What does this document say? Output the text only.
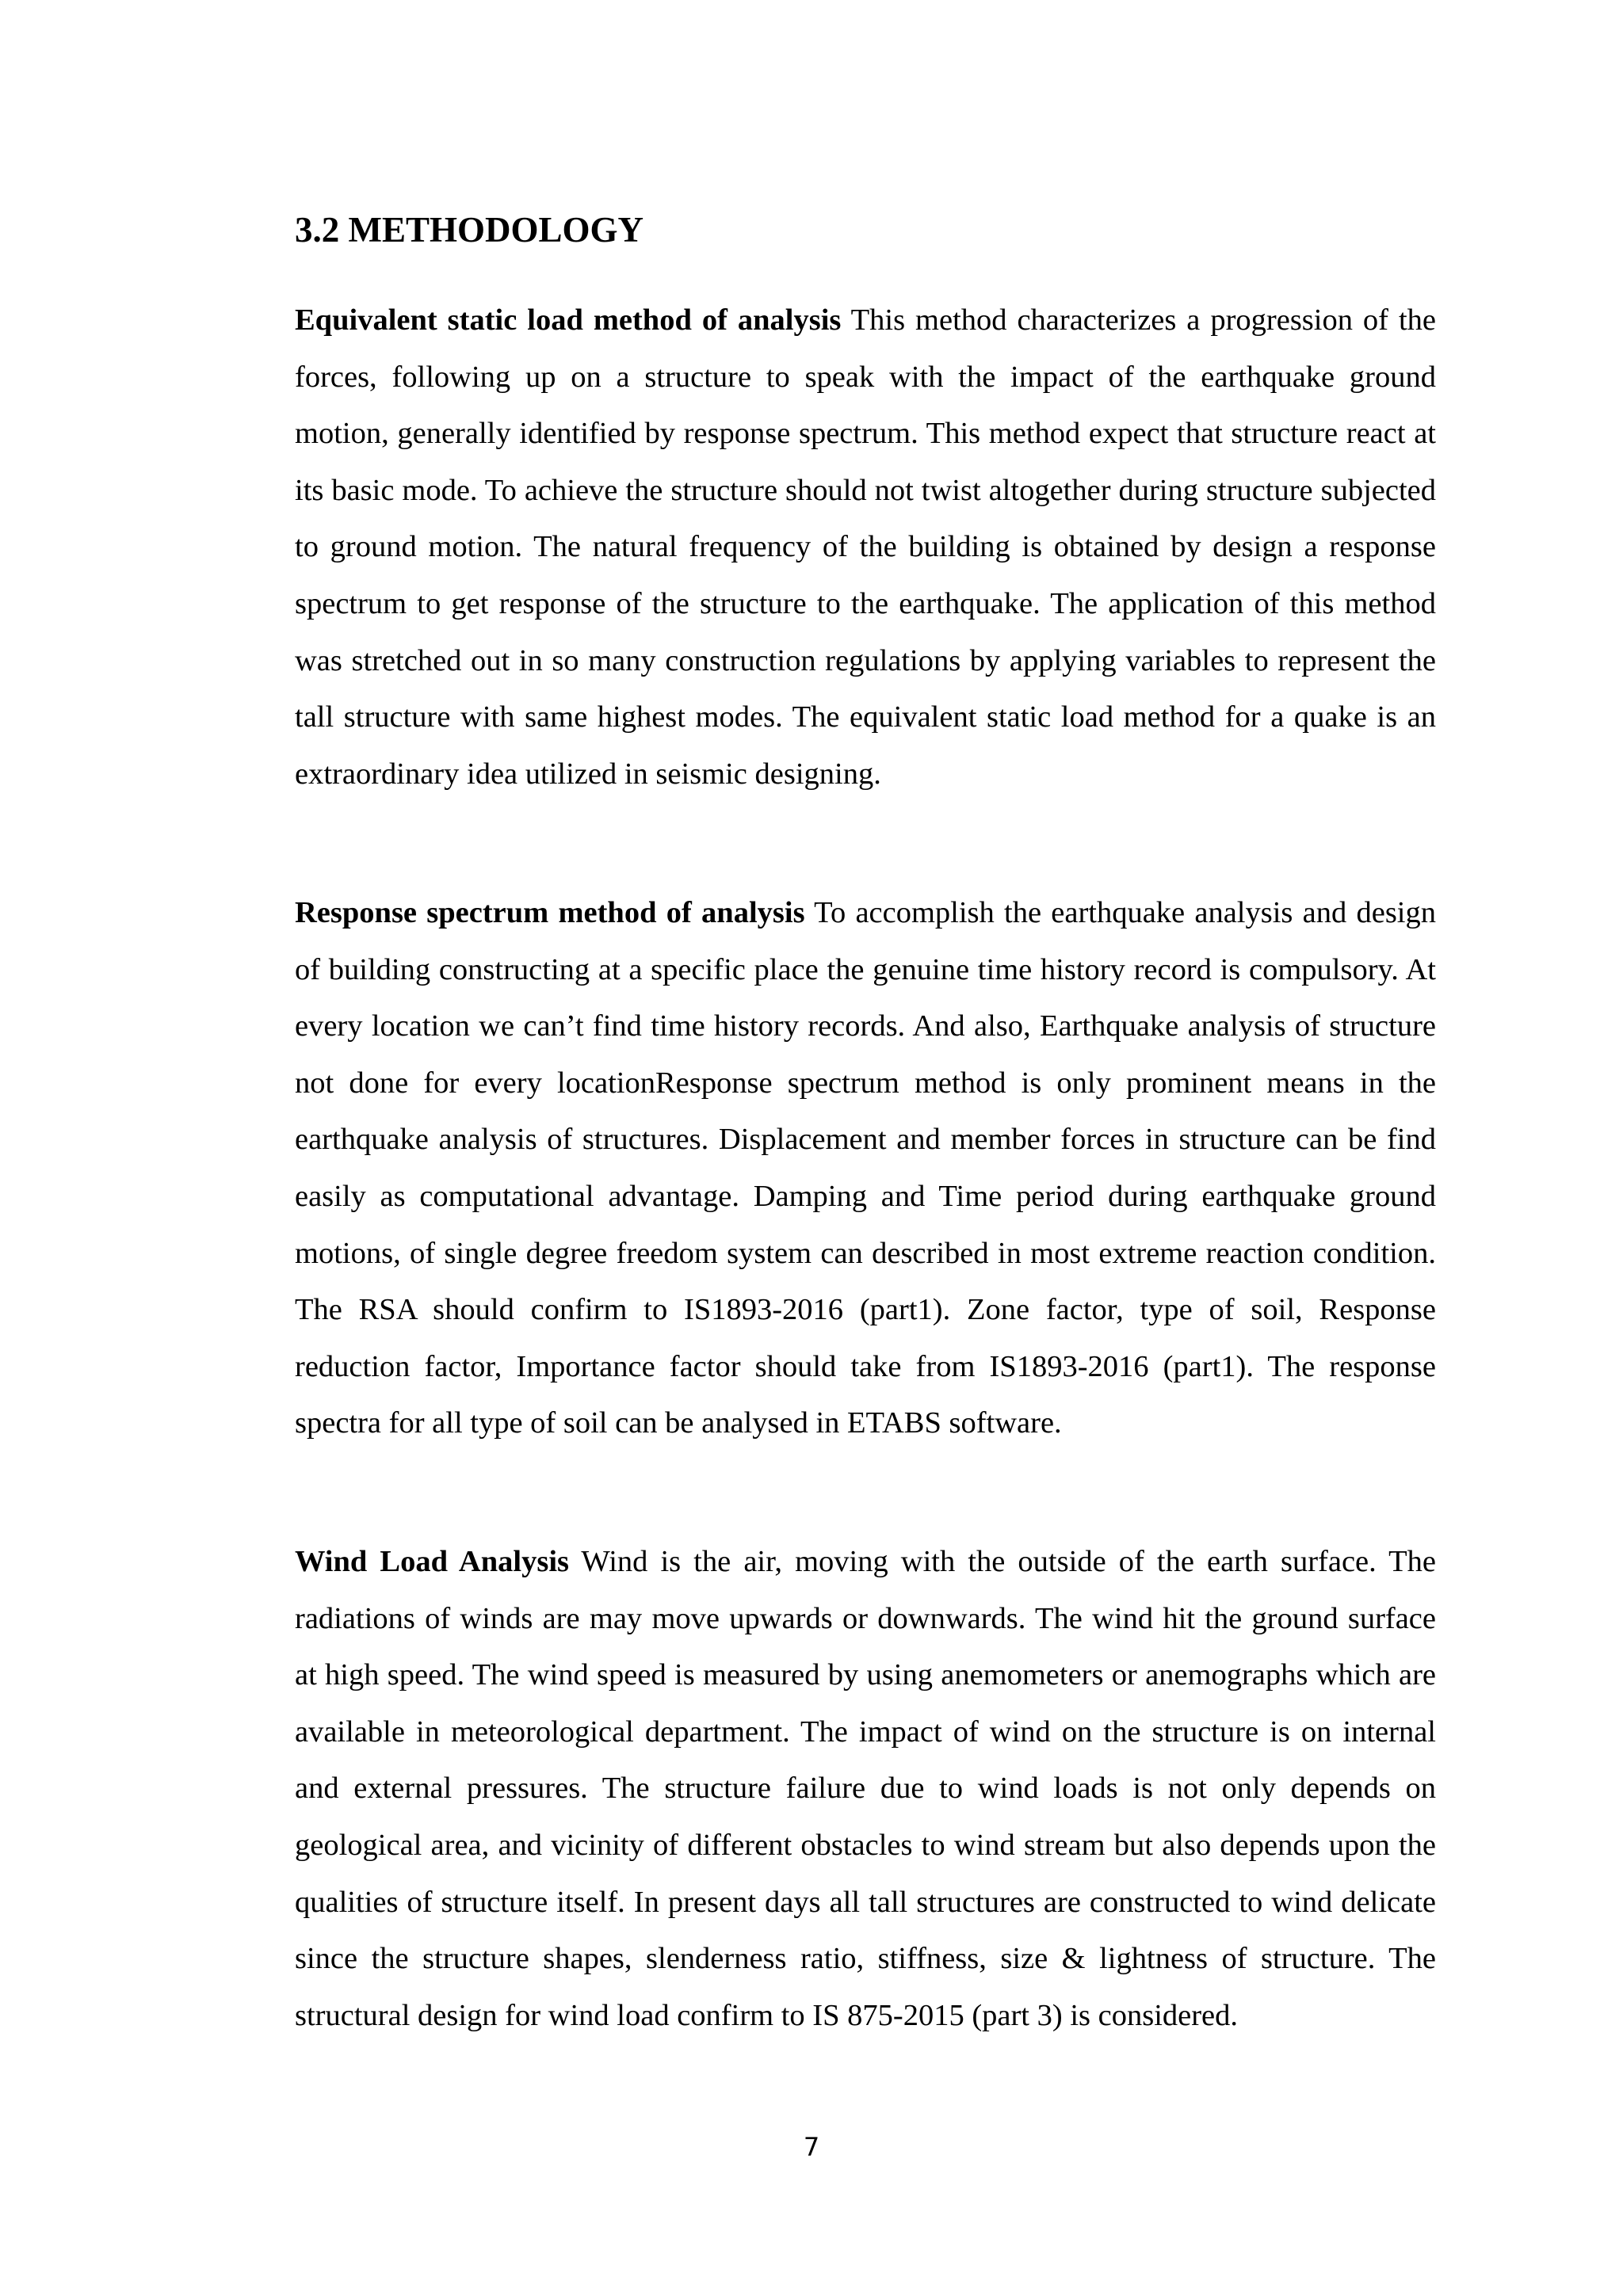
3.2 METHODOLOGY

Equivalent static load method of analysis This method characterizes a progression of the forces, following up on a structure to speak with the impact of the earthquake ground motion, generally identified by response spectrum. This method expect that structure react at its basic mode. To achieve the structure should not twist altogether during structure subjected to ground motion. The natural frequency of the building is obtained by design a response spectrum to get response of the structure to the earthquake. The application of this method was stretched out in so many construction regulations by applying variables to represent the tall structure with same highest modes. The equivalent static load method for a quake is an extraordinary idea utilized in seismic designing.

Response spectrum method of analysis To accomplish the earthquake analysis and design of building constructing at a specific place the genuine time history record is compulsory. At every location we can’t find time history records. And also, Earthquake analysis of structure not done for every locationResponse spectrum method is only prominent means in the earthquake analysis of structures. Displacement and member forces in structure can be find easily as computational advantage. Damping and Time period during earthquake ground motions, of single degree freedom system can described in most extreme reaction condition. The RSA should confirm to IS1893-2016 (part1). Zone factor, type of soil, Response reduction factor, Importance factor should take from IS1893-2016 (part1). The response spectra for all type of soil can be analysed in ETABS software.

Wind Load Analysis Wind is the air, moving with the outside of the earth surface. The radiations of winds are may move upwards or downwards. The wind hit the ground surface at high speed. The wind speed is measured by using anemometers or anemographs which are available in meteorological department. The impact of wind on the structure is on internal and external pressures. The structure failure due to wind loads is not only depends on geological area, and vicinity of different obstacles to wind stream but also depends upon the qualities of structure itself. In present days all tall structures are constructed to wind delicate since the structure shapes, slenderness ratio, stiffness, size & lightness of structure. The structural design for wind load confirm to IS 875-2015 (part 3) is considered.

7
